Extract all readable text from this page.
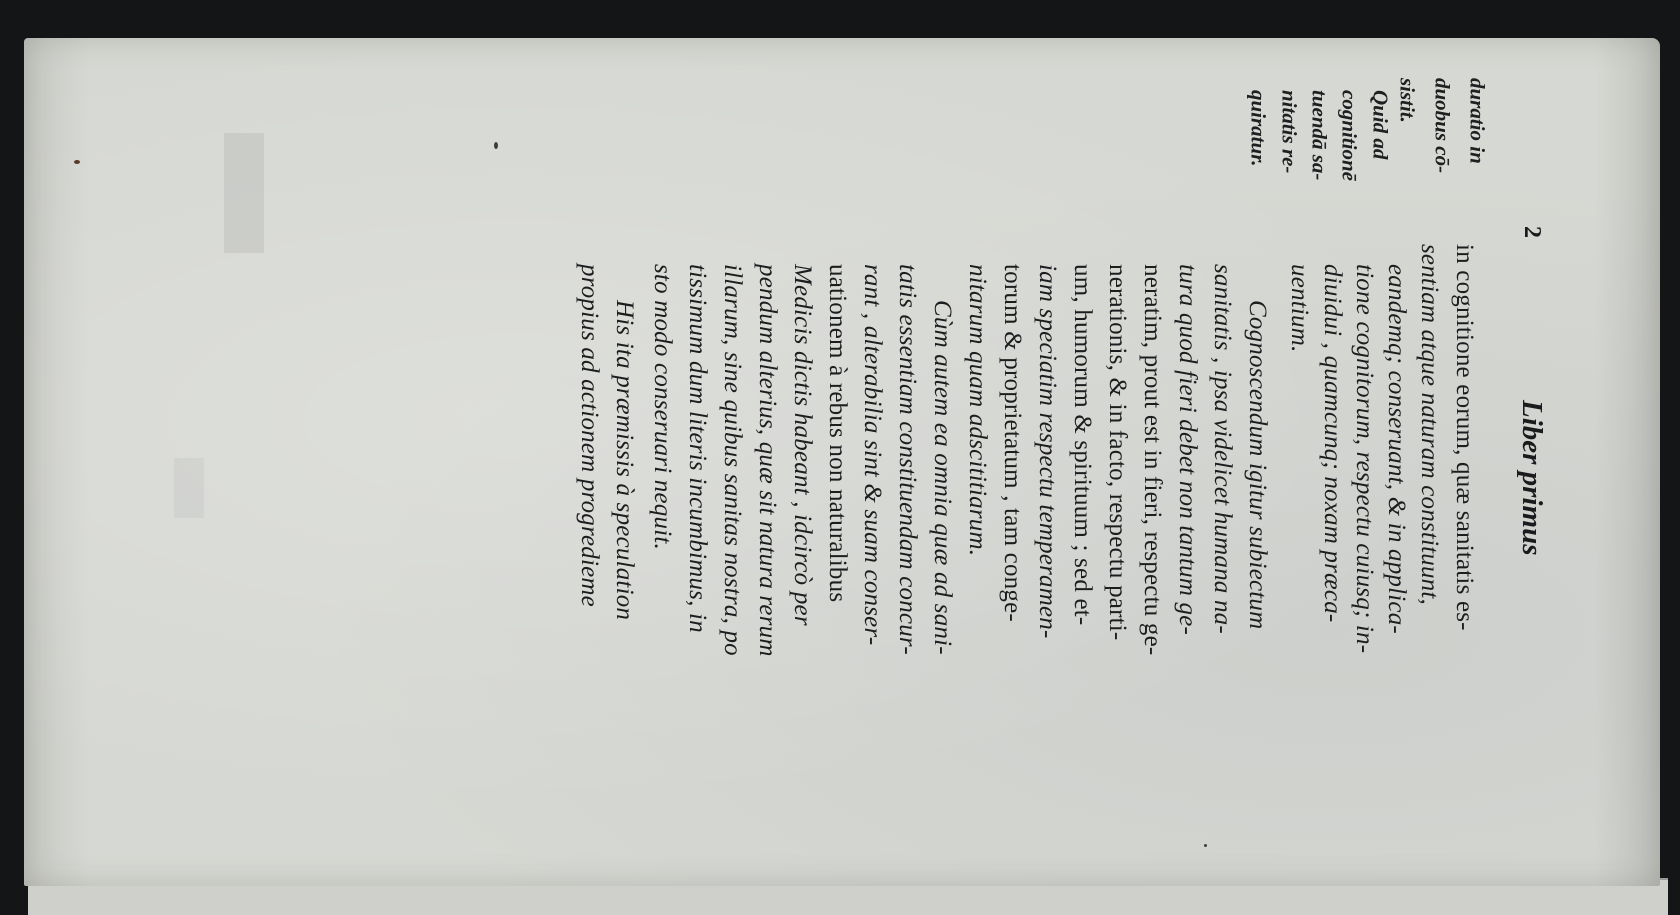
Liber primus
2
duratio in
duobus cō-
sistit.
Quid ad
cognitionē
tuendā sa-
nitatis re-
quiratur.
in cognitione eorum, quæ sanitatis es-
sentiam atque naturam constituunt,
eandemq; conseruant, & in applica-
tione cognitorum, respectu cuiusq; in-
diuidui , quamcunq; noxam præca-
uentium.
Cognoscendum igitur subiectum
sanitatis , ipsa videlicet humana na-
tura quod fieri debet non tantum ge-
neratim, prout est in fieri, respectu ge-
nerationis, & in facto, respectu parti-
um, humorum & spirituum ; sed et-
iam speciatim respectu temperamen-
torum & proprietatum , tam conge-
nitarum quam adscititiarum.
Cùm autem ea omnia quæ ad sani-
tatis essentiam constituendam concur-
rant , alterabilia sint & suam conser-
uationem à rebus non naturalibus
Medicis dictis habeant , idcircò per
pendum alterius, quæ sit natura rerum
illarum, sine quibus sanitas nostra, po
tissimum dum literis incumbimus, in
sto modo conseruari nequit.
His ita præmissis à speculation
propius ad actionem progredieme
